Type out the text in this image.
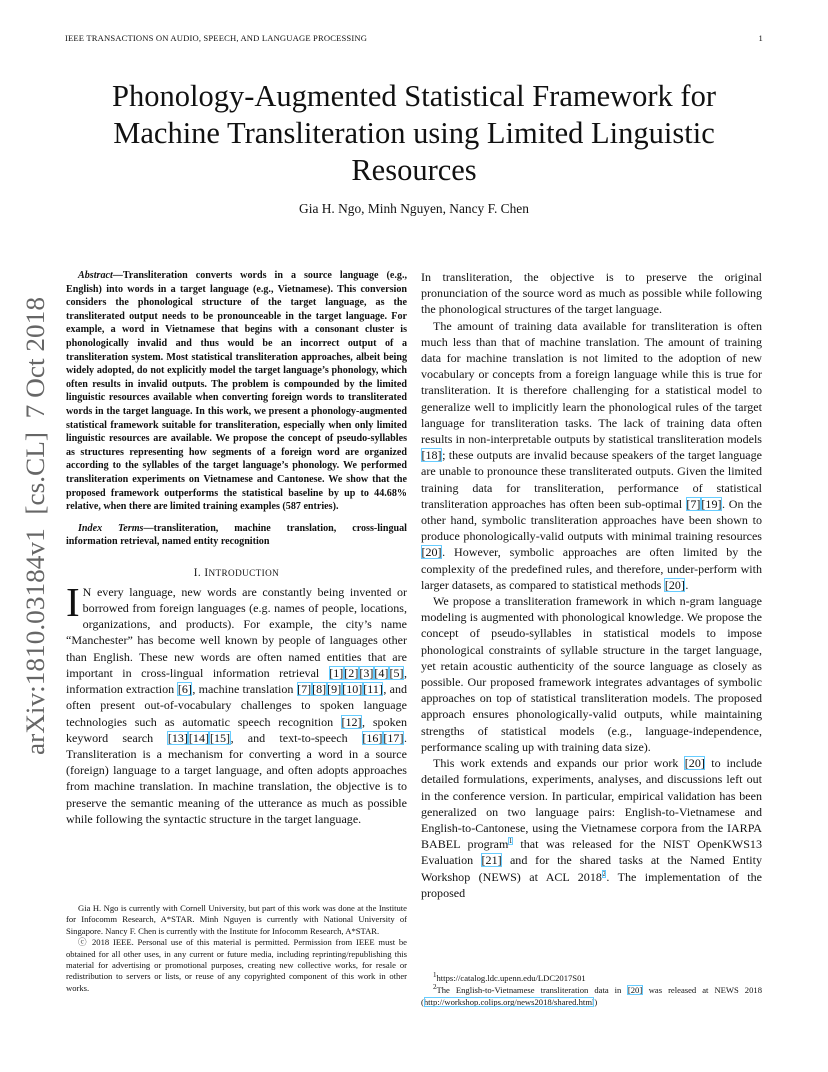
IEEE TRANSACTIONS ON AUDIO, SPEECH, AND LANGUAGE PROCESSING	1
arXiv:1810.03184v1  [cs.CL]  7 Oct 2018
Phonology-Augmented Statistical Framework for Machine Transliteration using Limited Linguistic Resources
Gia H. Ngo, Minh Nguyen, Nancy F. Chen

Abstract—Transliteration converts words in a source language (e.g., English) into words in a target language (e.g., Vietnamese). This conversion considers the phonological structure of the target language, as the transliterated output needs to be pronounceable in the target language. For example, a word in Vietnamese that begins with a consonant cluster is phonologically invalid and thus would be an incorrect output of a transliteration system. Most statistical transliteration approaches, albeit being widely adopted, do not explicitly model the target language’s phonology, which often results in invalid outputs. The problem is compounded by the limited linguistic resources available when converting foreign words to transliterated words in the target language. In this work, we present a phonology-augmented statistical framework suitable for transliteration, especially when only limited linguistic resources are available. We propose the concept of pseudo-syllables as structures representing how segments of a foreign word are organized according to the syllables of the target language’s phonology. We performed transliteration experiments on Vietnamese and Cantonese. We show that the proposed framework outperforms the statistical baseline by up to 44.68% relative, when there are limited training examples (587 entries).

Index Terms—transliteration, machine translation, cross-lingual information retrieval, named entity recognition

I. INTRODUCTION

I N every language, new words are constantly being invented or borrowed from foreign languages (e.g. names of people, locations, organizations, and products). For example, the city’s name “Manchester” has become well known by people of languages other than English. These new words are often named entities that are important in cross-lingual information retrieval [1][2][3][4][5], information extraction [6], machine translation [7][8][9][10][11], and often present out-of-vocabulary challenges to spoken language technologies such as automatic speech recognition [12], spoken keyword search [13][14][15], and text-to-speech [16][17]. Transliteration is a mechanism for converting a word in a source (foreign) language to a target language, and often adopts approaches from machine translation. In machine translation, the objective is to preserve the semantic meaning of the utterance as much as possible while following the syntactic structure in the target language.

Gia H. Ngo is currently with Cornell University, but part of this work was done at the Institute for Infocomm Research, A*STAR. Minh Nguyen is currently with National University of Singapore. Nancy F. Chen is currently with the Institute for Infocomm Research, A*STAR.

ⓒ 2018 IEEE. Personal use of this material is permitted. Permission from IEEE must be obtained for all other uses, in any current or future media, including reprinting/republishing this material for advertising or promotional purposes, creating new collective works, for resale or redistribution to servers or lists, or reuse of any copyrighted component of this work in other works.

In transliteration, the objective is to preserve the original pronunciation of the source word as much as possible while following the phonological structures of the target language.

The amount of training data available for transliteration is often much less than that of machine translation. The amount of training data for machine translation is not limited to the adoption of new vocabulary or concepts from a foreign language while this is true for transliteration. It is therefore challenging for a statistical model to generalize well to implicitly learn the phonological rules of the target language for transliteration tasks. The lack of training data often results in non-interpretable outputs by statistical transliteration models [18]; these outputs are invalid because speakers of the target language are unable to pronounce these transliterated outputs. Given the limited training data for transliteration, performance of statistical transliteration approaches has often been sub-optimal [7][19]. On the other hand, symbolic transliteration approaches have been shown to produce phonologically-valid outputs with minimal training resources [20]. However, symbolic approaches are often limited by the complexity of the predefined rules, and therefore, under-perform with larger datasets, as compared to statistical methods [20].

We propose a transliteration framework in which n-gram language modeling is augmented with phonological knowledge. We propose the concept of pseudo-syllables in statistical models to impose phonological constraints of syllable structure in the target language, yet retain acoustic authenticity of the source language as closely as possible. Our proposed framework integrates advantages of symbolic approaches on top of statistical transliteration models. The proposed approach ensures phonologically-valid outputs, while maintaining strengths of statistical models (e.g., language-independence, performance scaling up with training data size).

This work extends and expands our prior work [20] to include detailed formulations, experiments, analyses, and discussions left out in the conference version. In particular, empirical validation has been generalized on two language pairs: English-to-Vietnamese and English-to-Cantonese, using the Vietnamese corpora from the IARPA BABEL program$^1$ that was released for the NIST OpenKWS13 Evaluation [21] and for the shared tasks at the Named Entity Workshop (NEWS) at ACL 2018$^2$. The implementation of the proposed

$^1$https://catalog.ldc.upenn.edu/LDC2017S01

$^2$The English-to-Vietnamese transliteration data in [20] was released at NEWS 2018 (http://workshop.colips.org/news2018/shared.html)
